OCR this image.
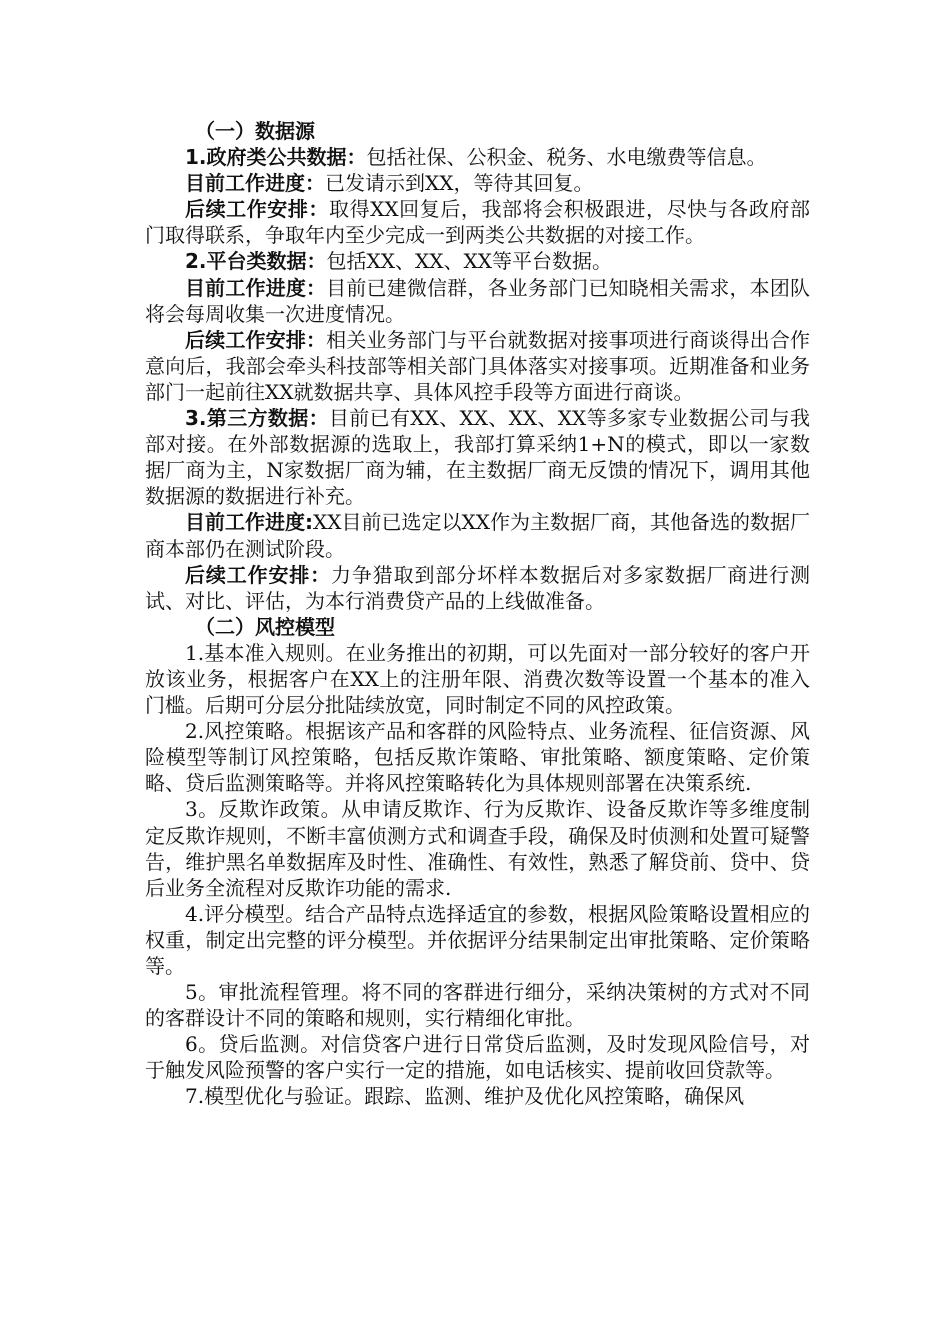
（一）数据源

1.政府类公共数据：包括社保、公积金、税务、水电缴费等信息。

目前工作进度：已发请示到XX，等待其回复。

后续工作安排：取得XX回复后，我部将会积极跟进，尽快与各政府部门取得联系，争取年内至少完成一到两类公共数据的对接工作。

2.平台类数据：包括XX、XX、XX等平台数据。

目前工作进度：目前已建微信群，各业务部门已知晓相关需求，本团队将会每周收集一次进度情况。

后续工作安排：相关业务部门与平台就数据对接事项进行商谈得出合作意向后，我部会牵头科技部等相关部门具体落实对接事项。近期准备和业务部门一起前往XX就数据共享、具体风控手段等方面进行商谈。

3.第三方数据：目前已有XX、XX、XX、XX等多家专业数据公司与我部对接。在外部数据源的选取上，我部打算采纳1+N的模式，即以一家数据厂商为主，N家数据厂商为辅，在主数据厂商无反馈的情况下，调用其他数据源的数据进行补充。

目前工作进度:XX目前已选定以XX作为主数据厂商，其他备选的数据厂商本部仍在测试阶段。

后续工作安排：力争猎取到部分坏样本数据后对多家数据厂商进行测试、对比、评估，为本行消费贷产品的上线做准备。

（二）风控模型

1.基本准入规则。在业务推出的初期，可以先面对一部分较好的客户开放该业务，根据客户在XX上的注册年限、消费次数等设置一个基本的准入门槛。后期可分层分批陆续放宽，同时制定不同的风控政策。

2.风控策略。根据该产品和客群的风险特点、业务流程、征信资源、风险模型等制订风控策略，包括反欺诈策略、审批策略、额度策略、定价策略、贷后监测策略等。并将风控策略转化为具体规则部署在决策系统.

3。反欺诈政策。从申请反欺诈、行为反欺诈、设备反欺诈等多维度制定反欺诈规则，不断丰富侦测方式和调查手段，确保及时侦测和处置可疑警告，维护黑名单数据库及时性、准确性、有效性，熟悉了解贷前、贷中、贷后业务全流程对反欺诈功能的需求.

4.评分模型。结合产品特点选择适宜的参数，根据风险策略设置相应的权重，制定出完整的评分模型。并依据评分结果制定出审批策略、定价策略等。

5。审批流程管理。将不同的客群进行细分，采纳决策树的方式对不同的客群设计不同的策略和规则，实行精细化审批。

6。贷后监测。对信贷客户进行日常贷后监测，及时发现风险信号，对于触发风险预警的客户实行一定的措施，如电话核实、提前收回贷款等。

7.模型优化与验证。跟踪、监测、维护及优化风控策略，确保风
